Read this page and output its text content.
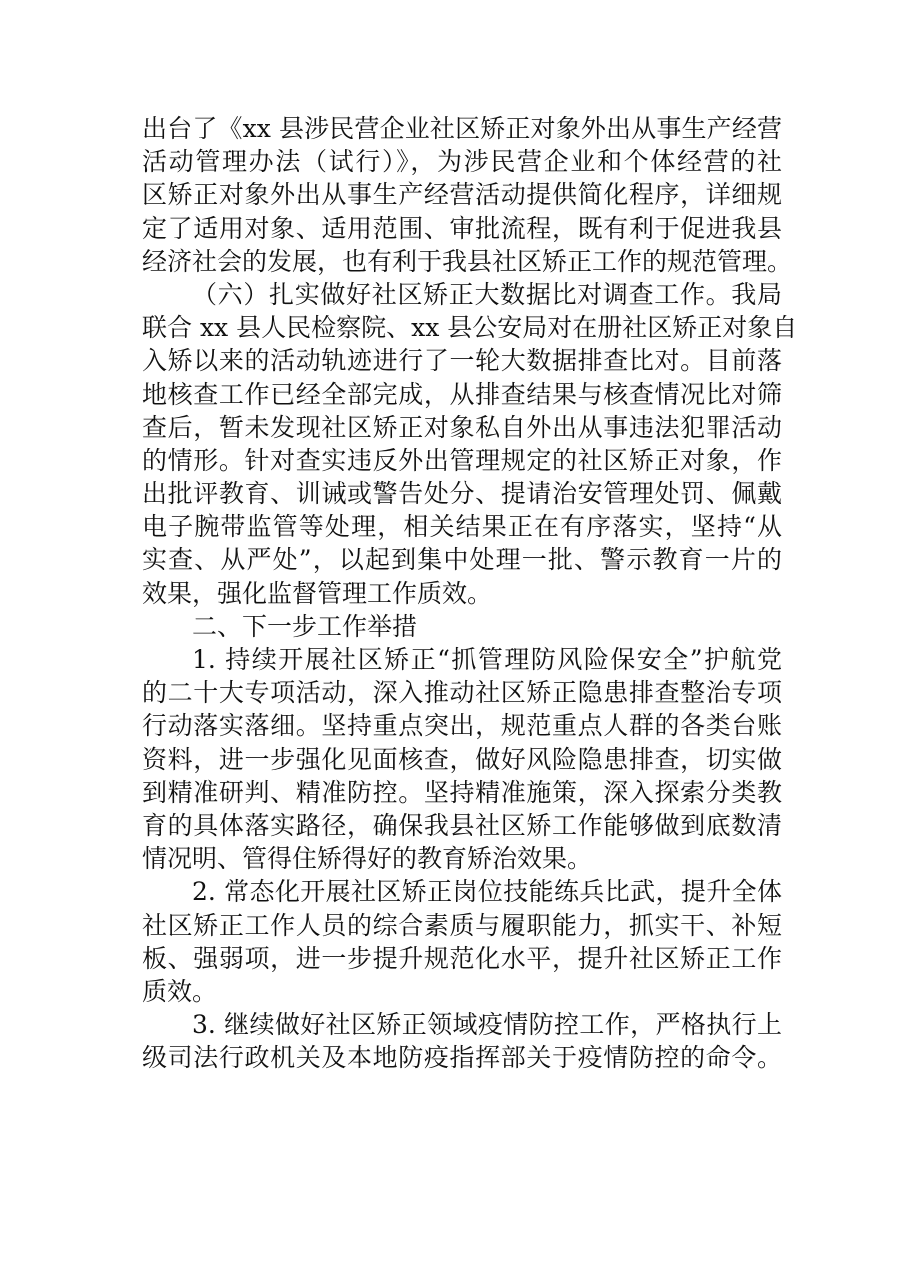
出台了《xx 县涉民营企业社区矫正对象外出从事生产经营
活动管理办法（试行）》，为涉民营企业和个体经营的社
区矫正对象外出从事生产经营活动提供简化程序，详细规
定了适用对象、适用范围、审批流程，既有利于促进我县
经济社会的发展，也有利于我县社区矫正工作的规范管理。
（六）扎实做好社区矫正大数据比对调查工作。我局
联合 xx 县人民检察院、xx 县公安局对在册社区矫正对象自
入矫以来的活动轨迹进行了一轮大数据排查比对。目前落
地核查工作已经全部完成，从排查结果与核查情况比对筛
查后，暂未发现社区矫正对象私自外出从事违法犯罪活动
的情形。针对查实违反外出管理规定的社区矫正对象，作
出批评教育、训诫或警告处分、提请治安管理处罚、佩戴
电子腕带监管等处理，相关结果正在有序落实，坚持“从
实查、从严处”，以起到集中处理一批、警示教育一片的
效果，强化监督管理工作质效。
二、下一步工作举措
1. 持续开展社区矫正“抓管理防风险保安全”护航党
的二十大专项活动，深入推动社区矫正隐患排查整治专项
行动落实落细。坚持重点突出，规范重点人群的各类台账
资料，进一步强化见面核查，做好风险隐患排查，切实做
到精准研判、精准防控。坚持精准施策，深入探索分类教
育的具体落实路径，确保我县社区矫工作能够做到底数清
情况明、管得住矫得好的教育矫治效果。
2. 常态化开展社区矫正岗位技能练兵比武，提升全体
社区矫正工作人员的综合素质与履职能力，抓实干、补短
板、强弱项，进一步提升规范化水平，提升社区矫正工作
质效。
3. 继续做好社区矫正领域疫情防控工作，严格执行上
级司法行政机关及本地防疫指挥部关于疫情防控的命令。
